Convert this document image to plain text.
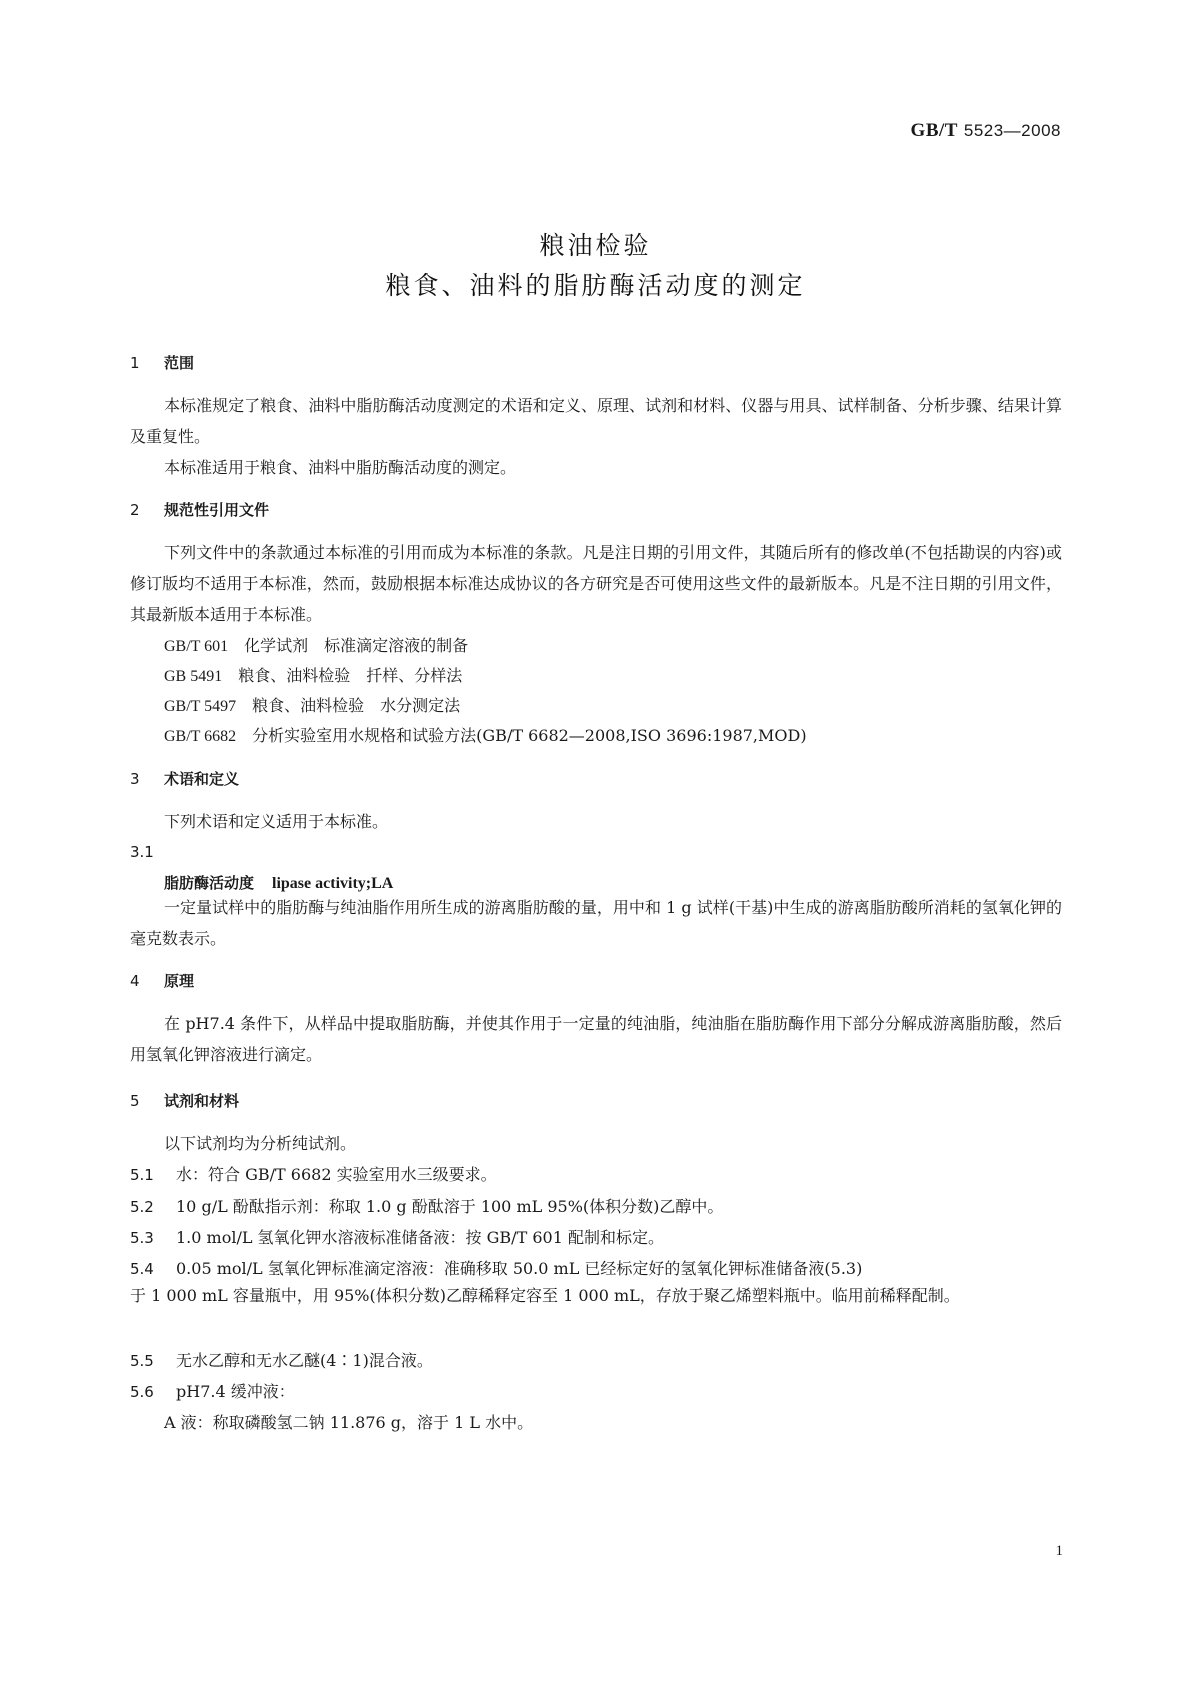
GB/T 5523—2008
粮油检验
粮食、油料的脂肪酶活动度的测定
1 范围
本标准规定了粮食、油料中脂肪酶活动度测定的术语和定义、原理、试剂和材料、仪器与用具、试样制备、分析步骤、结果计算及重复性。
本标准适用于粮食、油料中脂肪酶活动度的测定。
2 规范性引用文件
下列文件中的条款通过本标准的引用而成为本标准的条款。凡是注日期的引用文件，其随后所有的修改单(不包括勘误的内容)或修订版均不适用于本标准，然而，鼓励根据本标准达成协议的各方研究是否可使用这些文件的最新版本。凡是不注日期的引用文件，其最新版本适用于本标准。
GB/T 601 化学试剂　标准滴定溶液的制备
GB 5491 粮食、油料检验　扦样、分样法
GB/T 5497 粮食、油料检验　水分测定法
GB/T 6682 分析实验室用水规格和试验方法(GB/T 6682—2008,ISO 3696:1987,MOD)
3 术语和定义
下列术语和定义适用于本标准。
3.1
脂肪酶活动度 lipase activity;LA
一定量试样中的脂肪酶与纯油脂作用所生成的游离脂肪酸的量，用中和 1 g 试样(干基)中生成的游离脂肪酸所消耗的氢氧化钾的毫克数表示。
4 原理
在 pH7.4 条件下，从样品中提取脂肪酶，并使其作用于一定量的纯油脂，纯油脂在脂肪酶作用下部分分解成游离脂肪酸，然后用氢氧化钾溶液进行滴定。
5 试剂和材料
以下试剂均为分析纯试剂。
5.1 水：符合 GB/T 6682 实验室用水三级要求。
5.2 10 g/L 酚酞指示剂：称取 1.0 g 酚酞溶于 100 mL 95%(体积分数)乙醇中。
5.3 1.0 mol/L 氢氧化钾水溶液标准储备液：按 GB/T 601 配制和标定。
5.4 0.05 mol/L 氢氧化钾标准滴定溶液：准确移取 50.0 mL 已经标定好的氢氧化钾标准储备液(5.3)
于 1 000 mL 容量瓶中，用 95%(体积分数)乙醇稀释定容至 1 000 mL，存放于聚乙烯塑料瓶中。临用前稀释配制。
5.5 无水乙醇和无水乙醚(4∶1)混合液。
5.6 pH7.4 缓冲液：
A 液：称取磷酸氢二钠 11.876 g，溶于 1 L 水中。
1
